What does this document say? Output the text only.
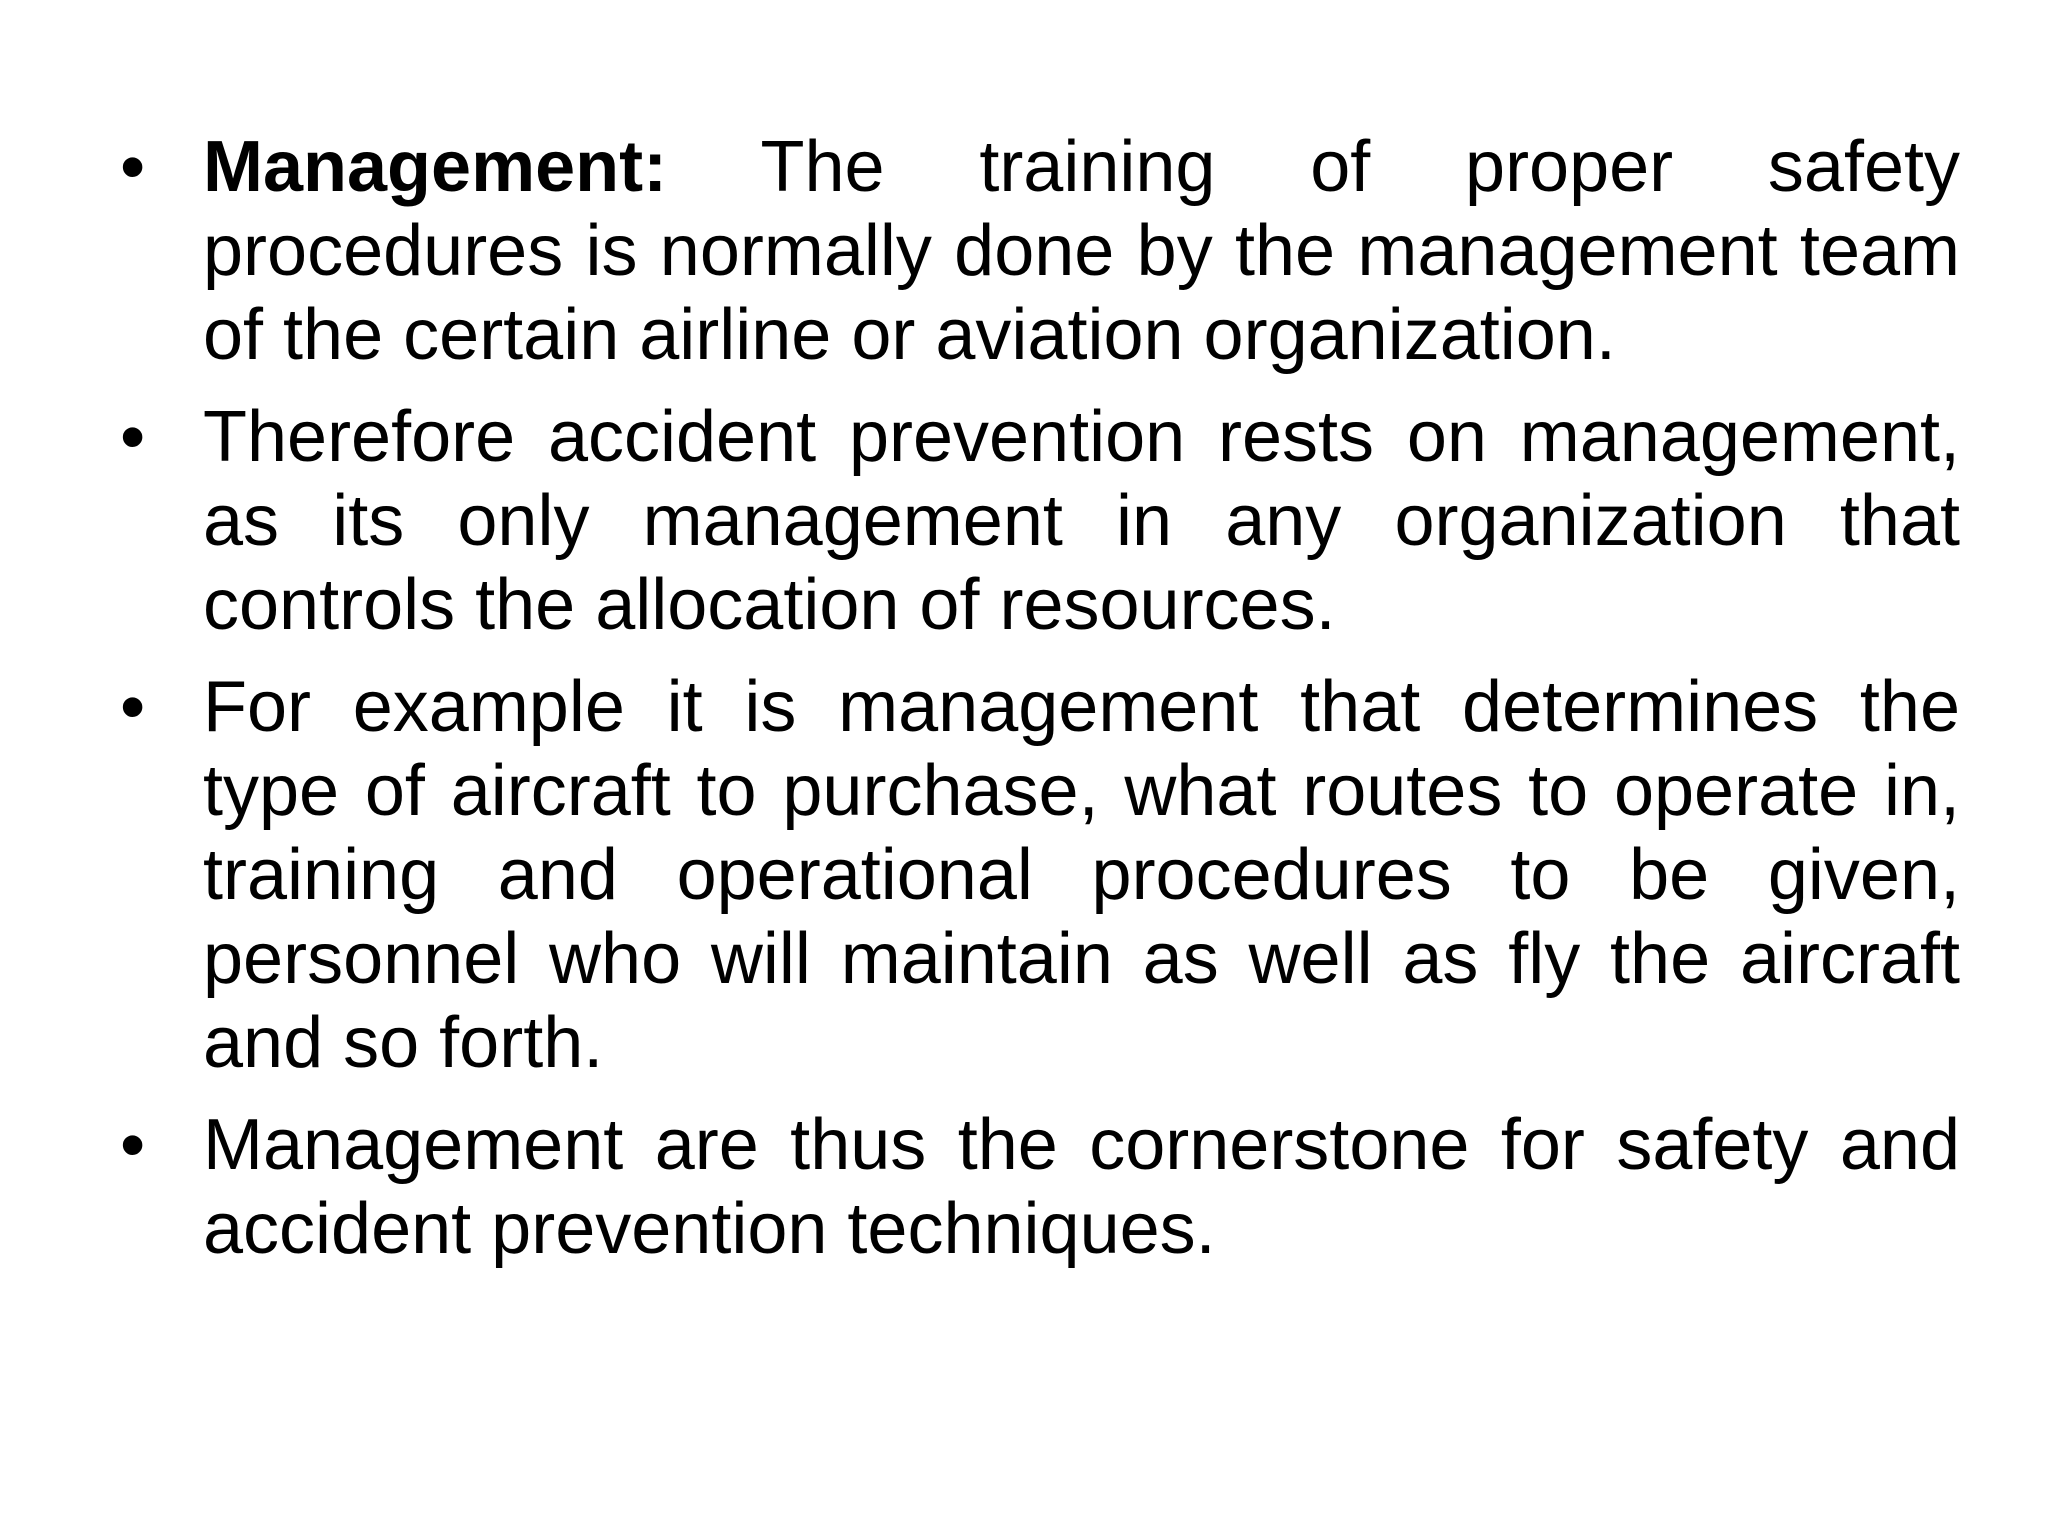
• Management: The training of proper safety procedures is normally done by the management team of the certain airline or aviation organization.
• Therefore accident prevention rests on management, as its only management in any organization that controls the allocation of resources.
• For example it is management that determines the type of aircraft to purchase, what routes to operate in, training and operational procedures to be given, personnel who will maintain as well as fly the aircraft and so forth.
• Management are thus the cornerstone for safety and accident prevention techniques.
